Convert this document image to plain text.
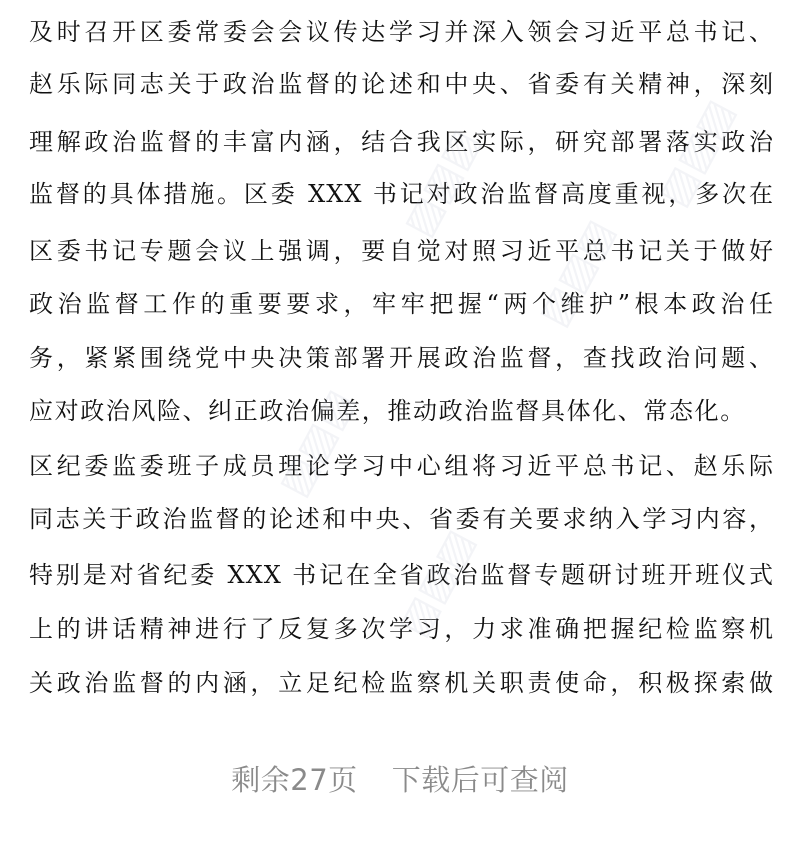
及时召开区委常委会会议传达学习并深入领会习近平总书记、
赵乐际同志关于政治监督的论述和中央、省委有关精神，深刻
理解政治监督的丰富内涵，结合我区实际，研究部署落实政治
监督的具体措施。区委 XXX 书记对政治监督高度重视，多次在
区委书记专题会议上强调，要自觉对照习近平总书记关于做好
政治监督工作的重要要求，牢牢把握“两个维护”根本政治任
务，紧紧围绕党中央决策部署开展政治监督，查找政治问题、
应对政治风险、纠正政治偏差，推动政治监督具体化、常态化。
区纪委监委班子成员理论学习中心组将习近平总书记、赵乐际
同志关于政治监督的论述和中央、省委有关要求纳入学习内容，
特别是对省纪委 XXX 书记在全省政治监督专题研讨班开班仪式
上的讲话精神进行了反复多次学习，力求准确把握纪检监察机
关政治监督的内涵，立足纪检监察机关职责使命，积极探索做
▨▨▨
▨▨▨
▨▨▨
▨▨▨
▨▨▨
剩余27页 下载后可查阅
